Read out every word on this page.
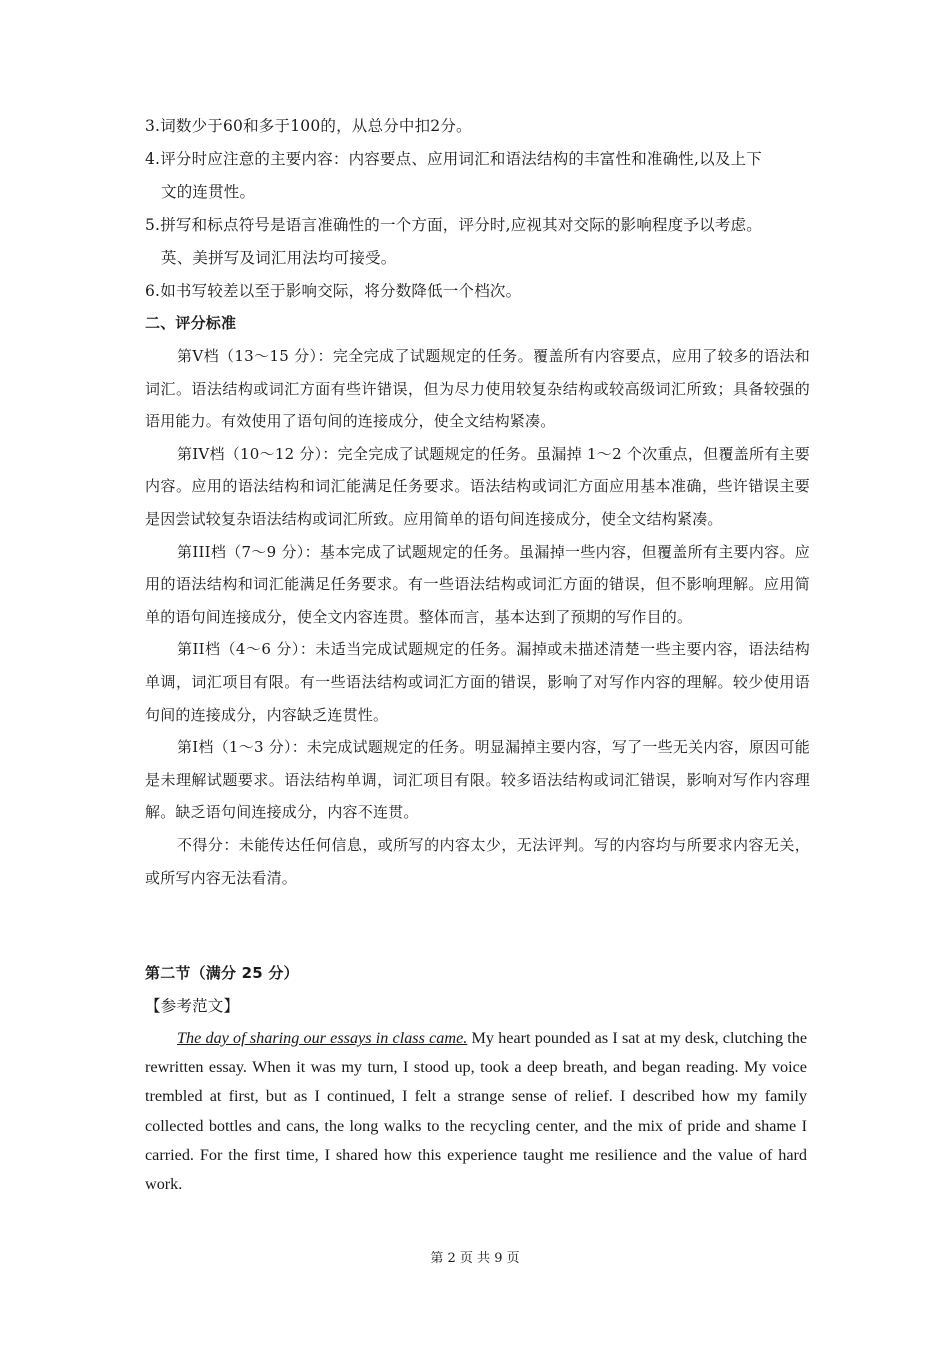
3.词数少于60和多于100的，从总分中扣2分。

4.评分时应注意的主要内容：内容要点、应用词汇和语法结构的丰富性和准确性,以及上下

文的连贯性。

5.拼写和标点符号是语言准确性的一个方面，评分时,应视其对交际的影响程度予以考虑。

英、美拼写及词汇用法均可接受。

6.如书写较差以至于影响交际，将分数降低一个档次。

二、评分标准

第V档（13～15 分）：完全完成了试题规定的任务。覆盖所有内容要点，应用了较多的语法和词汇。语法结构或词汇方面有些许错误，但为尽力使用较复杂结构或较高级词汇所致；具备较强的语用能力。有效使用了语句间的连接成分，使全文结构紧凑。

第IV档（10～12 分）：完全完成了试题规定的任务。虽漏掉 1～2 个次重点，但覆盖所有主要内容。应用的语法结构和词汇能满足任务要求。语法结构或词汇方面应用基本准确，些许错误主要是因尝试较复杂语法结构或词汇所致。应用简单的语句间连接成分，使全文结构紧凑。

第III档（7～9 分）：基本完成了试题规定的任务。虽漏掉一些内容，但覆盖所有主要内容。应用的语法结构和词汇能满足任务要求。有一些语法结构或词汇方面的错误，但不影响理解。应用简单的语句间连接成分，使全文内容连贯。整体而言，基本达到了预期的写作目的。

第II档（4～6 分）：未适当完成试题规定的任务。漏掉或未描述清楚一些主要内容，语法结构单调，词汇项目有限。有一些语法结构或词汇方面的错误，影响了对写作内容的理解。较少使用语句间的连接成分，内容缺乏连贯性。

第I档（1～3 分）：未完成试题规定的任务。明显漏掉主要内容，写了一些无关内容，原因可能是未理解试题要求。语法结构单调，词汇项目有限。较多语法结构或词汇错误，影响对写作内容理解。缺乏语句间连接成分，内容不连贯。

不得分：未能传达任何信息，或所写的内容太少，无法评判。写的内容均与所要求内容无关，或所写内容无法看清。

第二节（满分 25 分）

【参考范文】

The day of sharing our essays in class came. My heart pounded as I sat at my desk, clutching the rewritten essay. When it was my turn, I stood up, took a deep breath, and began reading. My voice trembled at first, but as I continued, I felt a strange sense of relief. I described how my family collected bottles and cans, the long walks to the recycling center, and the mix of pride and shame I carried. For the first time, I shared how this experience taught me resilience and the value of hard work.

第 2 页 共 9 页
